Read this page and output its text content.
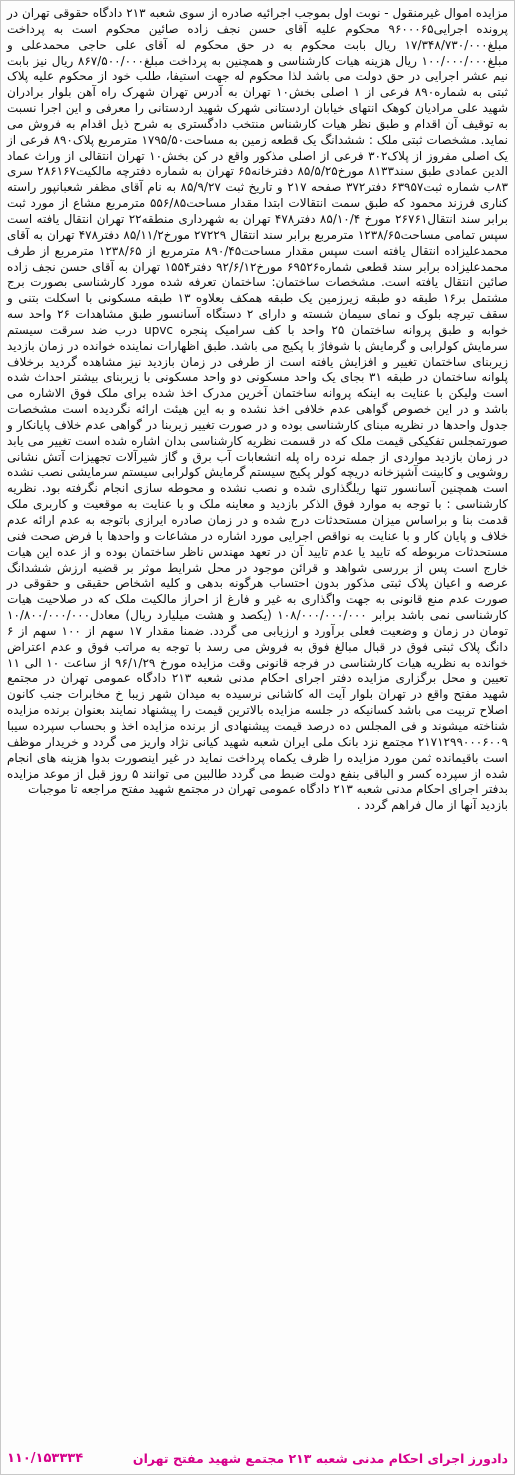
مزایده اموال غیرمنقول - نوبت اول بموجب اجرائیه صادره از سوی شعبه ۲۱۳ دادگاه حقوقی تهران در پرونده اجرایی۹۶۰۰۰۶۵ محکوم علیه آقای حسن نجف زاده صائین محکوم است به پرداخت مبلغ۱۷/۳۴۸/۷۳۰/۰۰۰ ریال بابت محکوم به در حق محکوم له آقای علی حاجی محمدعلی و مبلغ۱۰۰/۰۰۰/۰۰۰ ریال هزینه هیات کارشناسی و همچنین به پرداخت مبلغ۸۶۷/۵۰۰/۰۰۰ ریال نیز بابت نیم عشر اجرایی در حق دولت می باشد لذا محکوم له جهت استیفا، طلب خود از محکوم علیه پلاک ثبتی به شماره۸۹۰ فرعی از ۱ اصلی بخش۱۰ تهران به آدرس تهران شهرک راه آهن بلوار برادران شهید علی مرادیان کوهک انتهای خیابان اردستانی شهرک شهید اردستانی را معرفی و این اجرا نسبت به توقیف آن اقدام و طبق نظر هیات کارشناس منتخب دادگستری به شرح ذیل اقدام به فروش می نماید. مشخصات ثبتی ملک : ششدانگ یک قطعه زمین به مساحت۱۷۹۵/۵۰ مترمربع پلاک۸۹۰ فرعی از یک اصلی مفروز از پلاک۳۰۲ فرعی از اصلی مذکور واقع در کن بخش۱۰ تهران انتقالی از وراث عماد الدین عمادی طبق سند۸۱۳۳ مورخ۸۵/۵/۲۵ دفترخانه۶۵ تهران به شماره دفترچه مالکیت۲۸۶۱۶۷ سری ۸۳ب شماره ثبت۶۳۹۵۷ دفتر۳۷۲ صفحه ۲۱۷ و تاریخ ثبت ۸۵/۹/۲۷ به نام آقای مظفر شعبانپور راسته کناری فرزند محمود که طبق سمت انتقالات ابتدا مقدار مساحت۵۵۶/۸۵ مترمربع مشاع از مورد ثبت برابر سند انتقال۲۶۷۶۱ مورخ ۸۵/۱۰/۴ دفتر۴۷۸ تهران به شهرداری منطقه۲۲ تهران انتقال یافته است سپس تمامی مساحت۱۲۳۸/۶۵ مترمربع برابر سند انتقال ۲۷۲۲۹ مورخ۸۵/۱۱/۲ دفتر۴۷۸ تهران به آقای محمدعلیزاده انتقال یافته است سپس مقدار مساحت۸۹۰/۴۵ مترمربع از ۱۲۳۸/۶۵ مترمربع از طرف محمدعلیزاده برابر سند قطعی شماره۶۹۵۲۶ مورخ۹۲/۶/۱۲ دفتر۱۵۵۴ تهران به آقای حسن نجف زاده صائین انتقال یافته است. مشخصات ساختمان: ساختمان تعرفه شده مورد کارشناسی بصورت برج مشتمل بر۱۶ طبقه دو طبقه زیرزمین یک طبقه همکف بعلاوه ۱۳ طبقه مسکونی با اسکلت بتنی و سقف تیرچه بلوک و نمای سیمان شسته و دارای ۲ دستگاه آسانسور طبق مشاهدات ۲۶ واحد سه خوابه و طبق پروانه ساختمان ۲۵ واحد با کف سرامیک پنجره upvc درب ضد سرقت سیستم سرمایش کولرابی و گرمایش با شوفاژ با پکیج می باشد. طبق اظهارات نماینده خوانده در زمان بازدید زیربنای ساختمان تغییر و افزایش یافته است از طرفی در زمان بازدید نیز مشاهده گردید برخلاف پلوانه ساختمان در طبقه ۳۱ بجای یک واحد مسکونی دو واحد مسکونی با زیربنای بیشتر احداث شده است ولیکن با عنایت به اینکه پروانه ساختمان آخرین مدرک اخذ شده برای ملک فوق الاشاره می باشد و در این خصوص گواهی عدم خلافی اخذ نشده و به این هیئت ارائه نگردیده است مشخصات جدول واحدها در نظریه مبنای کارشناسی بوده و در صورت تغییر زیربنا در گواهی عدم خلاف پایانکار و صورتمجلس تفکیکی قیمت ملک که در قسمت نظریه کارشناسی بدان اشاره شده است تغییر می یابد در زمان بازدید مواردی از جمله نرده راه پله انشعابات آب برق و گاز شیرآلات تجهیزات آتش نشانی روشویی و کابینت آشپزخانه دریچه کولر پکیج سیستم گرمایش کولرابی سیستم سرمایشی نصب نشده است همچنین آسانسور تنها ریلگذاری شده و نصب نشده و محوطه سازی انجام نگرفته بود. نظریه کارشناسی : با توجه به موارد فوق الذکر بازدید و معاینه ملک و با عنایت به موقعیت و کاربری ملک قدمت بنا و براساس میزان مستحدثات درج شده و در زمان صادره ایرازی باتوجه به عدم ارائه عدم خلاف و پایان کار و با عنایت به نواقص اجرایی مورد اشاره در مشاعات و واحدها با فرض صحت فنی مستحدثات مربوطه که تایید یا عدم تایید آن در تعهد مهندس ناظر ساختمان بوده و از عده این هیات خارج است پس از بررسی شواهد و قرائن موجود در محل شرایط موثر بر قضیه ارزش ششدانگ عرصه و اعیان پلاک ثبتی مذکور بدون احتساب هرگونه بدهی و کلیه اشخاص حقیقی و حقوقی در صورت عدم منع قانونی به جهت واگذاری به غیر و فارغ از احراز مالکیت ملک که در صلاحیت هیات کارشناسی نمی باشد برابر ۱۰۸/۰۰۰/۰۰۰/۰۰۰ (یکصد و هشت میلیارد ریال) معادل۱۰/۸۰۰/۰۰۰/۰۰۰ تومان در زمان و وضعیت فعلی برآورد و ارزیابی می گردد. ضمنا مقدار ۱۷ سهم از ۱۰۰ سهم از ۶ دانگ پلاک ثبتی فوق در قبال مبالغ فوق به فروش می رسد با توجه به مراتب فوق و عدم اعتراض خوانده به نظریه هیات کارشناسی در فرجه قانونی وقت مزایده مورخ ۹۶/۱/۲۹ از ساعت ۱۰ الی ۱۱ تعیین و محل برگزاری مزایده دفتر اجرای احکام مدنی شعبه ۲۱۳ دادگاه عمومی تهران در مجتمع شهید مفتح واقع در تهران بلوار آیت اله کاشانی نرسیده به میدان شهر زیبا خ مخابرات جنب کانون اصلاح تربیت می باشد کسانیکه در جلسه مزایده بالاترین قیمت را پیشنهاد نمایند بعنوان برنده مزایده شناخته میشوند و فی المجلس ده درصد قیمت پیشنهادی از برنده مزایده اخذ و بحساب سپرده سیبا ۲۱۷۱۲۹۹۰۰۰۶۰۰۹ مجتمع نزد بانک ملی ایران شعبه شهید کیانی نژاد واریز می گردد و خریدار موظف است باقیمانده ثمن مورد مزایده را ظرف یکماه پرداخت نماید در غیر اینصورت بدوا هزینه های انجام شده از سپرده کسر و الباقی بنفع دولت ضبط می گردد طالبین می توانند ۵ روز قبل از موعد مزایده بدفتر اجرای احکام مدنی شعبه ۲۱۳ دادگاه عمومی تهران در مجتمع شهید مفتح مراجعه تا موجبات

بازدید آنها از مال فراهم گردد .

دادورز اجرای احکام مدنی شعبه ۲۱۳ مجتمع شهید مفتح تهران
۱۱۰/۱۵۳۳۳۴
